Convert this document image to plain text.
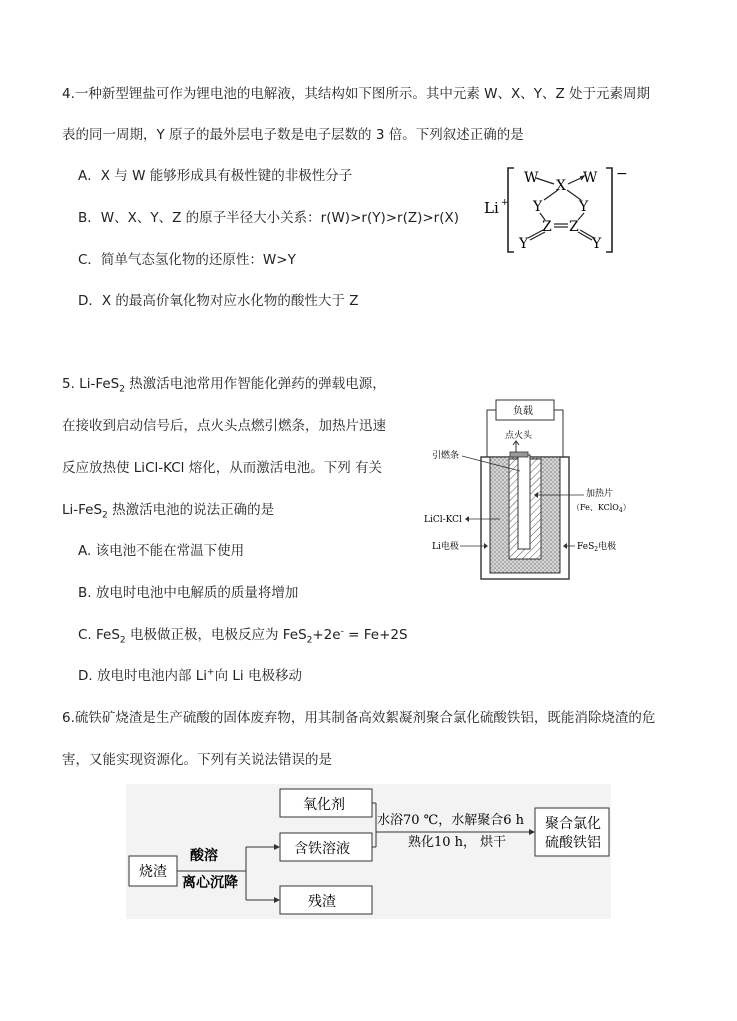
4.一种新型锂盐可作为锂电池的电解液，其结构如下图所示。其中元素 W、X、Y、Z 处于元素周期
表的同一周期，Y 原子的最外层电子数是电子层数的 3 倍。下列叙述正确的是
A．X 与 W 能够形成具有极性键的非极性分子
B．W、X、Y、Z 的原子半径大小关系：r(W)>r(Y)>r(Z)>r(X)
C．简单气态氢化物的还原性：W>Y
D．X 的最高价氧化物对应水化物的酸性大于 Z
Li +
−
W	W
X
Y	Y
Z Z
Y	Y
5. Li-FeS$_2$ 热激活电池常用作智能化弹药的弹载电源，
在接收到启动信号后，点火头点燃引燃条，加热片迅速
反应放热使 LiCl-KCl 熔化，从而激活电池。下列 有关
Li-FeS$_2$ 热激活电池的说法正确的是
A. 该电池不能在常温下使用
B. 放电时电池中电解质的质量将增加
C. FeS$_2$ 电极做正极，电极反应为 FeS$_2$+2e- = Fe+2S
D. 放电时电池内部 Li+向 Li 电极移动
负载
点火头
引燃条
LiCl-KCl
Li电极
加热片
（Fe、KClO$_4$）
FeS$_2$电极
6.硫铁矿烧渣是生产硫酸的固体废弃物，用其制备高效絮凝剂聚合氯化硫酸铁铝，既能消除烧渣的危
害，又能实现资源化。下列有关说法错误的是
烧渣
酸溶
离心沉降
氧化剂
含铁溶液
残渣
水浴70 ℃，水解聚合6 h
熟化10 h， 烘干
聚合氯化
硫酸铁铝
